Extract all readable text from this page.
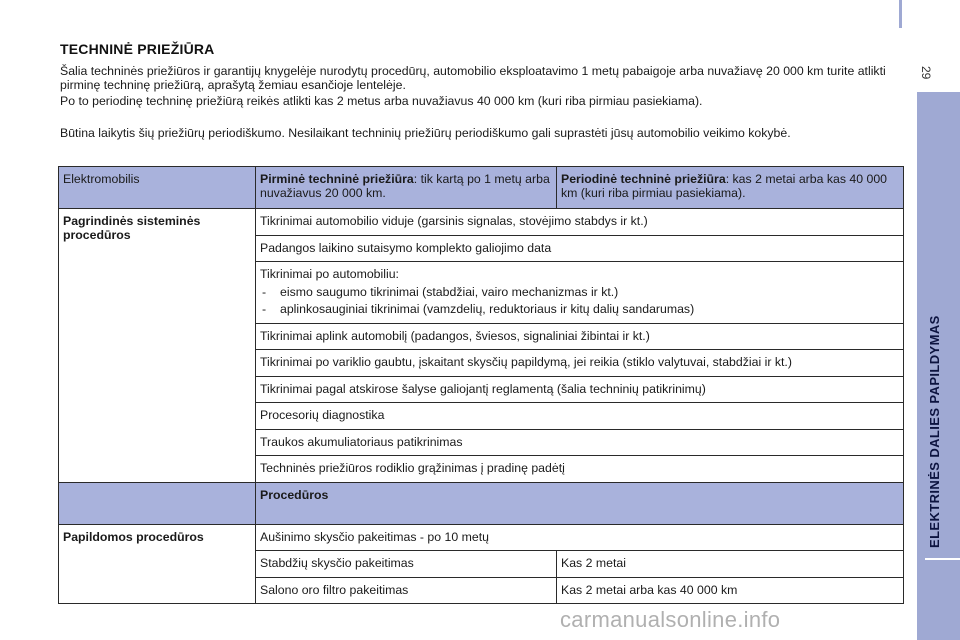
29
ELEKTRINĖS DALIES PAPILDYMAS
TECHNINĖ PRIEŽIŪRA
Šalia techninės priežiūros ir garantijų knygelėje nurodytų procedūrų, automobilio eksploatavimo 1 metų pabaigoje arba nuvažiavę 20 000 km turite atlikti pirminę techninę priežiūrą, aprašytą žemiau esančioje lentelėje.
Po to periodinę techninę priežiūrą reikės atlikti kas 2 metus arba nuvažiavus 40 000 km (kuri riba pirmiau pasiekiama).
Būtina laikytis šių priežiūrų periodiškumo. Nesilaikant techninių priežiūrų periodiškumo gali suprastėti jūsų automobilio veikimo kokybė.
Elektromobilis	Pirminė techninė priežiūra: tik kartą po 1 metų arba nuvažiavus 20 000 km.	Periodinė techninė priežiūra: kas 2 metai arba kas 40 000 km (kuri riba pirmiau pasiekiama).
Pagrindinės sisteminės procedūros	Tikrinimai automobilio viduje (garsinis signalas, stovėjimo stabdys ir kt.)	
	Padangos laikino sutaisymo komplekto galiojimo data	

	Tikrinimai po automobiliu:
- eismo saugumo tikrinimai (stabdžiai, vairo mechanizmas ir kt.)
- aplinkosauginiai tikrinimai (vamzdelių, reduktoriaus ir kitų dalių sandarumas)	

	Tikrinimai aplink automobilį (padangos, šviesos, signaliniai žibintai ir kt.)	
	Tikrinimai po variklio gaubtu, įskaitant skysčių papildymą, jei reikia (stiklo valytuvai, stabdžiai ir kt.)	
	Tikrinimai pagal atskirose šalyse galiojantį reglamentą (šalia techninių patikrinimų)	
	Procesorių diagnostika	
	Traukos akumuliatoriaus patikrinimas	
	Techninės priežiūros rodiklio grąžinimas į pradinę padėtį	
	Procedūros	
Papildomos procedūros	Aušinimo skysčio pakeitimas - po 10 metų	
	Stabdžių skysčio pakeitimas	Kas 2 metai
	Salono oro filtro pakeitimas	Kas 2 metai arba kas 40 000 km
carmanualsonline.info
